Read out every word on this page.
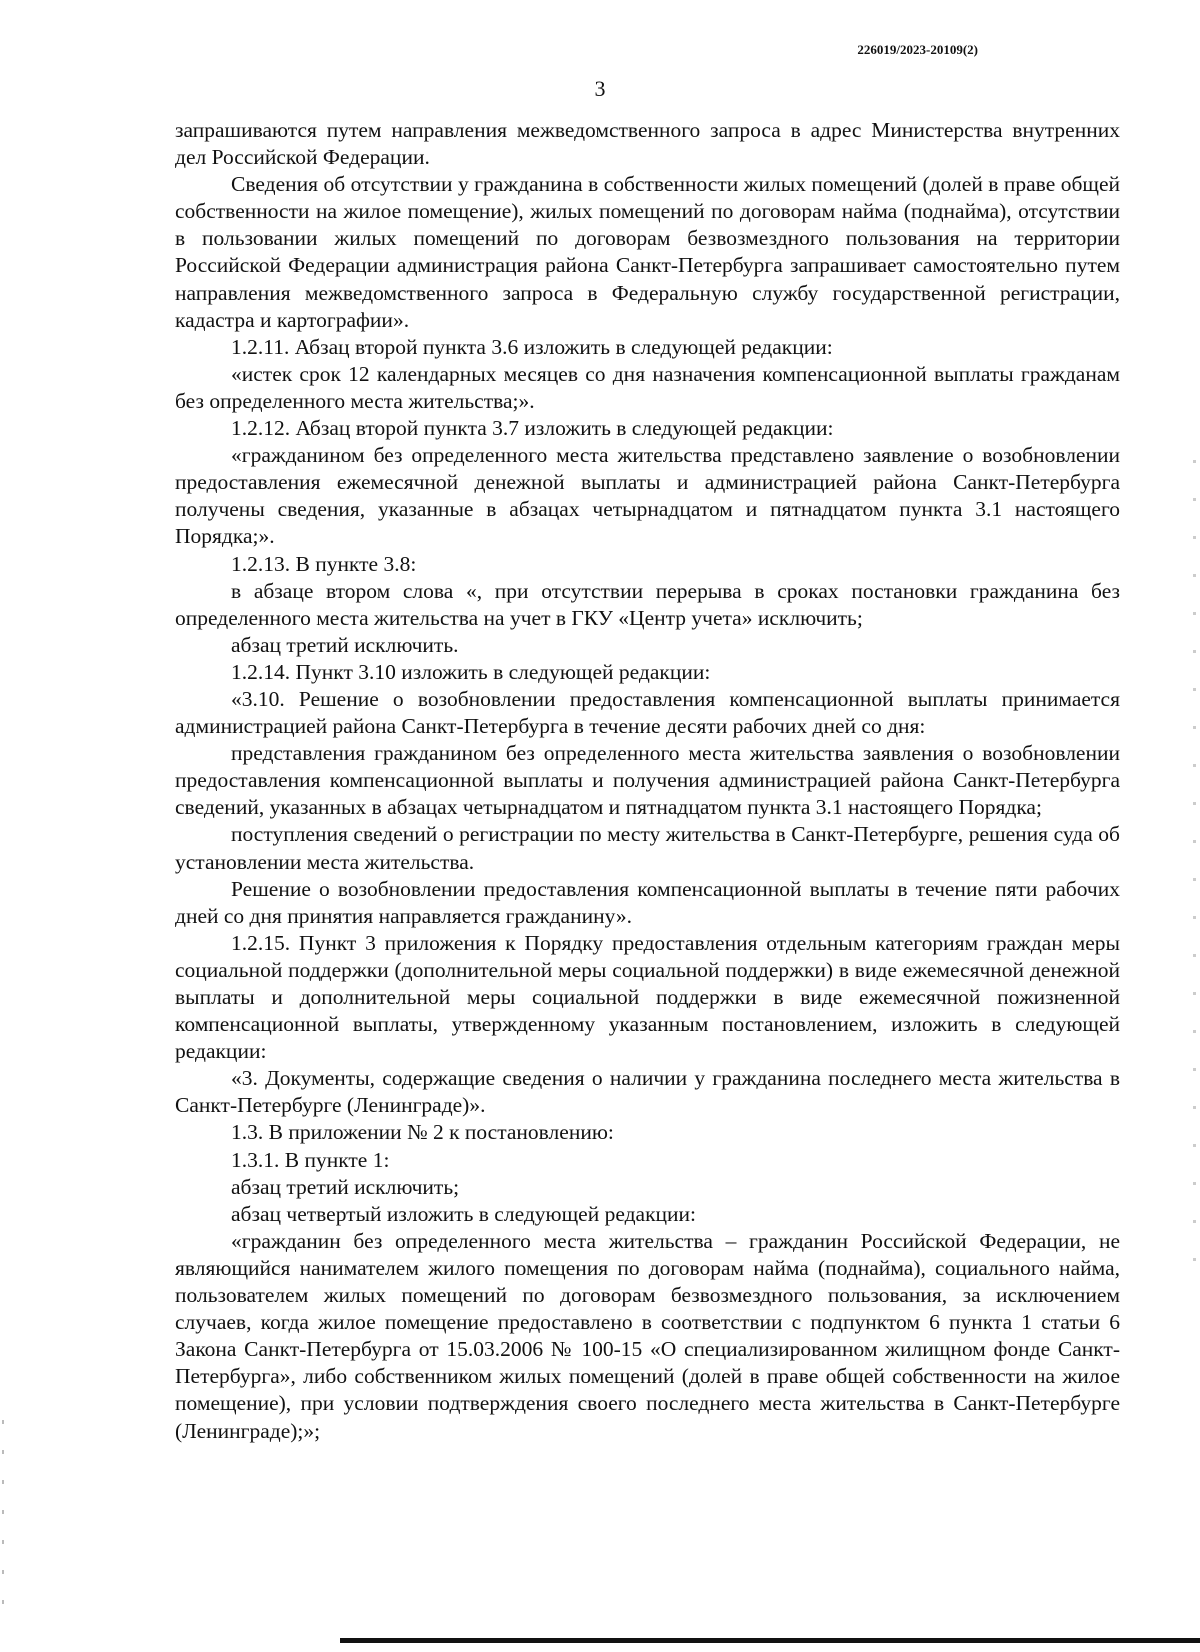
226019/2023-20109(2)
3

запрашиваются путем направления межведомственного запроса в адрес Министерства внутренних дел Российской Федерации.

Сведения об отсутствии у гражданина в собственности жилых помещений (долей в праве общей собственности на жилое помещение), жилых помещений по договорам найма (поднайма), отсутствии в пользовании жилых помещений по договорам безвозмездного пользования на территории Российской Федерации администрация района Санкт-Петербурга запрашивает самостоятельно путем направления межведомственного запроса в Федеральную службу государственной регистрации, кадастра и картографии».

1.2.11. Абзац второй пункта 3.6 изложить в следующей редакции:

«истек срок 12 календарных месяцев со дня назначения компенсационной выплаты гражданам без определенного места жительства;».

1.2.12. Абзац второй пункта 3.7 изложить в следующей редакции:

«гражданином без определенного места жительства представлено заявление о возобновлении предоставления ежемесячной денежной выплаты и администрацией района Санкт-Петербурга получены сведения, указанные в абзацах четырнадцатом и пятнадцатом пункта 3.1 настоящего Порядка;».

1.2.13. В пункте 3.8:

в абзаце втором слова «, при отсутствии перерыва в сроках постановки гражданина без определенного места жительства на учет в ГКУ «Центр учета» исключить;

абзац третий исключить.

1.2.14. Пункт 3.10 изложить в следующей редакции:

«3.10. Решение о возобновлении предоставления компенсационной выплаты принимается администрацией района Санкт-Петербурга в течение десяти рабочих дней со дня:

представления гражданином без определенного места жительства заявления о возобновлении предоставления компенсационной выплаты и получения администрацией района Санкт-Петербурга сведений, указанных в абзацах четырнадцатом и пятнадцатом пункта 3.1 настоящего Порядка;

поступления сведений о регистрации по месту жительства в Санкт-Петербурге, решения суда об установлении места жительства.

Решение о возобновлении предоставления компенсационной выплаты в течение пяти рабочих дней со дня принятия направляется гражданину».

1.2.15. Пункт 3 приложения к Порядку предоставления отдельным категориям граждан меры социальной поддержки (дополнительной меры социальной поддержки) в виде ежемесячной денежной выплаты и дополнительной меры социальной поддержки в виде ежемесячной пожизненной компенсационной выплаты, утвержденному указанным постановлением, изложить в следующей редакции:

«3. Документы, содержащие сведения о наличии у гражданина последнего места жительства в Санкт-Петербурге (Ленинграде)».

1.3. В приложении № 2 к постановлению:

1.3.1. В пункте 1:

абзац третий исключить;

абзац четвертый изложить в следующей редакции:

«гражданин без определенного места жительства – гражданин Российской Федерации, не являющийся нанимателем жилого помещения по договорам найма (поднайма), социального найма, пользователем жилых помещений по договорам безвозмездного пользования, за исключением случаев, когда жилое помещение предоставлено в соответствии с подпунктом 6 пункта 1 статьи 6 Закона Санкт-Петербурга от 15.03.2006 № 100-15 «О специализированном жилищном фонде Санкт-Петербурга», либо собственником жилых помещений (долей в праве общей собственности на жилое помещение), при условии подтверждения своего последнего места жительства в Санкт-Петербурге (Ленинграде);»;
